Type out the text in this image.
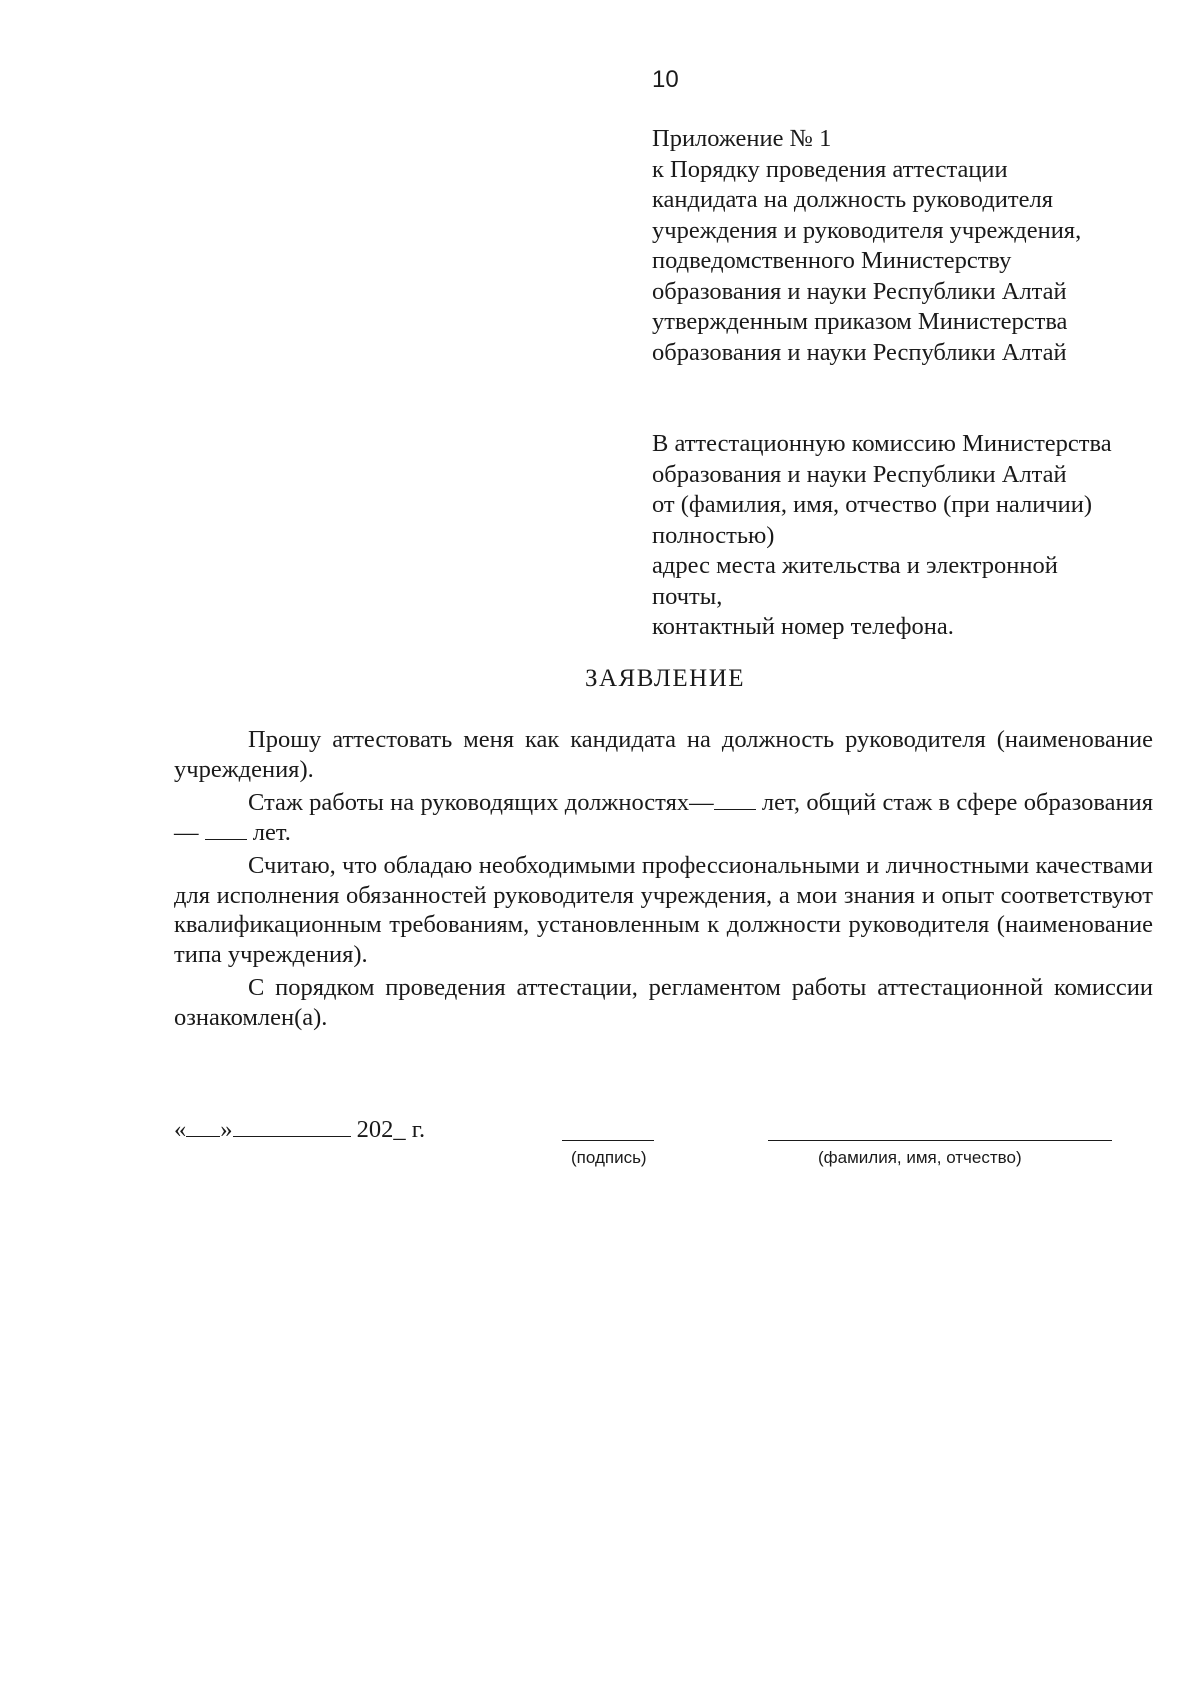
10
Приложение № 1
к Порядку проведения аттестации
кандидата на должность руководителя
учреждения и руководителя учреждения,
подведомственного Министерству
образования и науки Республики Алтай
утвержденным приказом Министерства
образования и науки Республики Алтай
В аттестационную комиссию Министерства
образования и науки Республики Алтай
от (фамилия, имя, отчество (при наличии)
полностью)
адрес места жительства и электронной
почты,
контактный номер телефона.
ЗАЯВЛЕНИЕ

Прошу аттестовать меня как кандидата на должность руководителя (наименование учреждения).

Стаж работы на руководящих должностях— лет, общий стаж в сфере образования —  лет.

Считаю, что обладаю необходимыми профессиональными и личностными качествами для исполнения обязанностей руководителя учреждения, а мои знания и опыт соответствуют квалификационным требованиям, установленным к должности руководителя (наименование типа учреждения).

С порядком проведения аттестации, регламентом работы аттестационной комиссии ознакомлен(а).

« »	202_ г.
(подпись)	(фамилия, имя, отчество)
